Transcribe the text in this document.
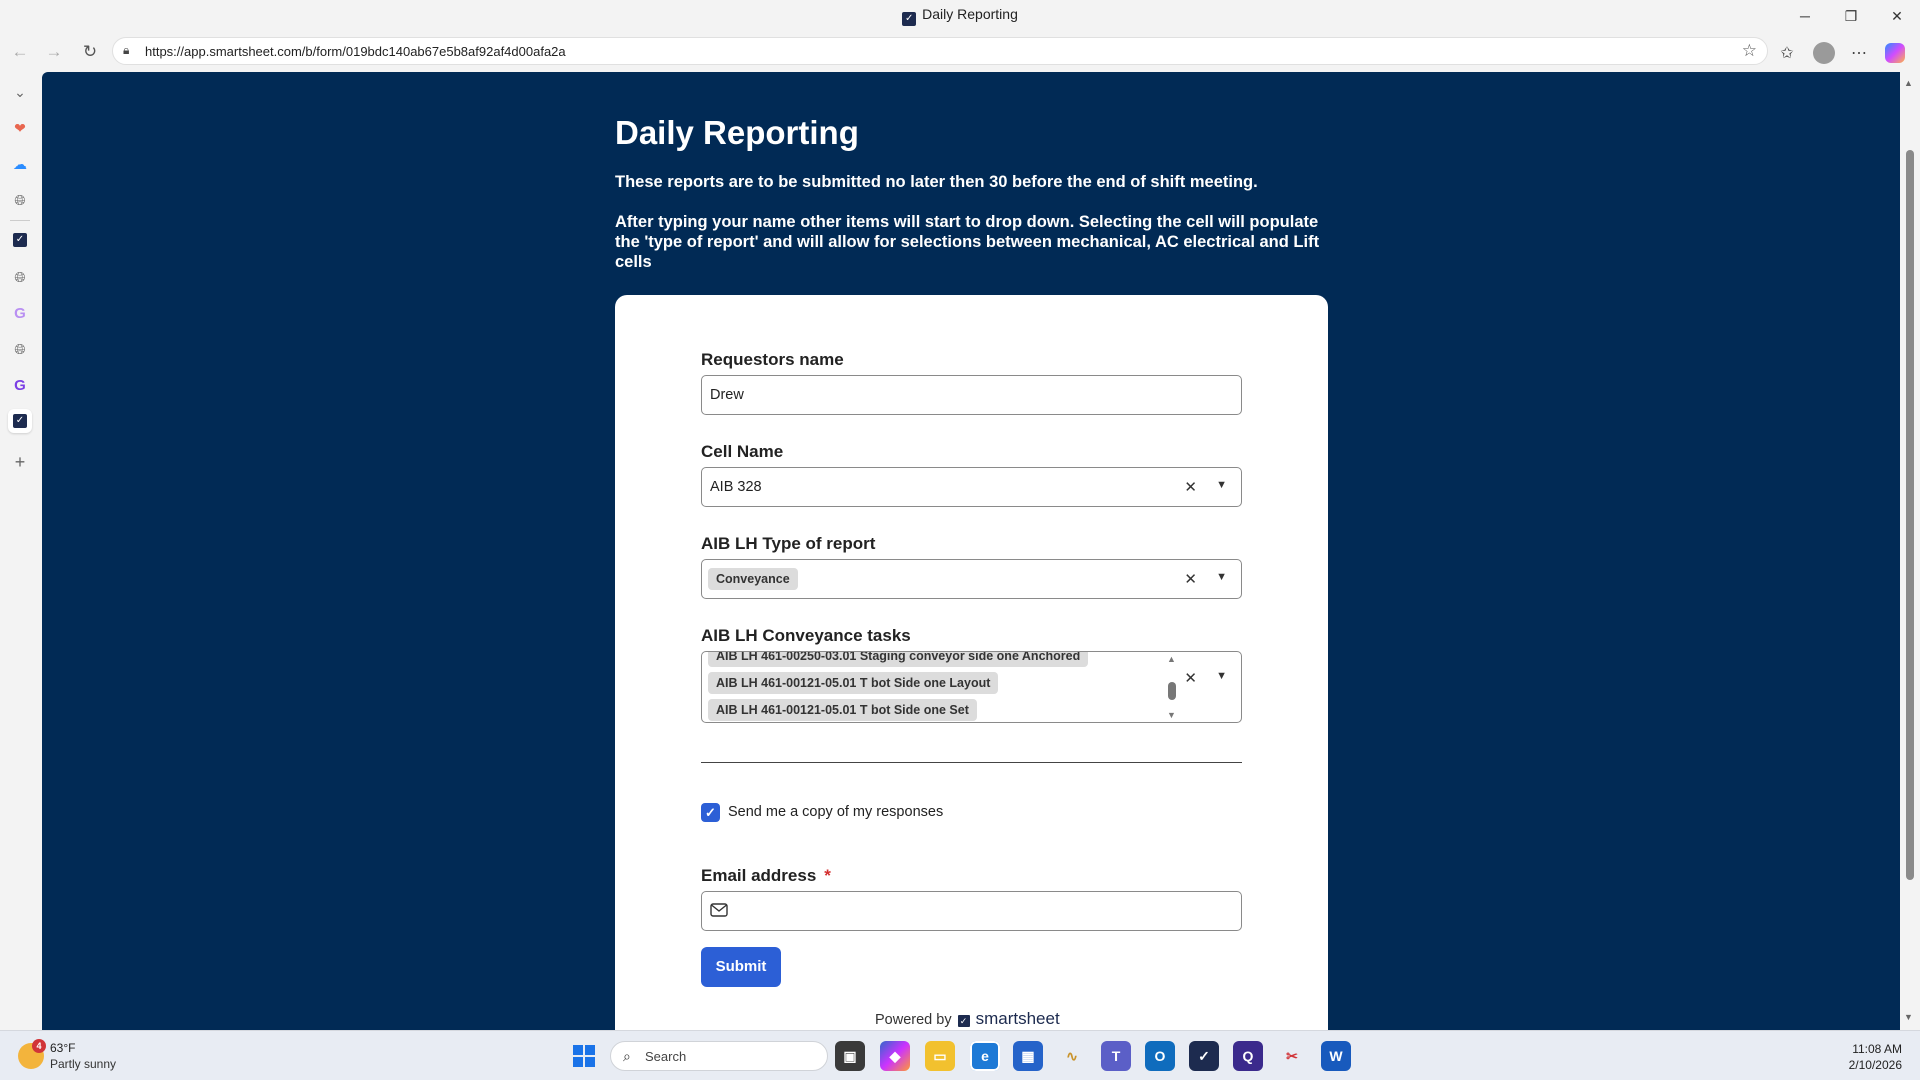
✓ Daily Reporting	─	❐	✕
← → ↻	🔒︎ https://app.smartsheet.com/b/form/019bdc140ab67e5b8af92af4d00afa2a	☆	✩	⋯
⌄
❤
☁
🌐︎
✓
🌐︎
G
🌐︎
G
✓
+
Daily Reporting

These reports are to be submitted no later then 30 before the end of shift meeting.

After typing your name other items will start to drop down. Selecting the cell will populate the 'type of report' and will allow for selections between mechanical, AC electrical and Lift cells

Requestors name
Drew
Cell Name
AIB 328	✕ ▼
AIB LH Type of report
Conveyance	✕ ▼
AIB LH Conveyance tasks
AIB LH 461-00250-03.01 Staging conveyor side one Anchored
AIB LH 461-00121-05.01 T bot Side one Layout
AIB LH 461-00121-05.01 T bot Side one Set
▲
▼
✕ ▼
✓ Send me a copy of my responses
Email address *
Submit
Powered by ✓ smartsheet
▲
▼
4 63°F
Partly sunny	⌕ Search	▣	◆	▭	e	▦	∿	T	O	✓	Q	✂	W	11:08 AM
2/10/2026
